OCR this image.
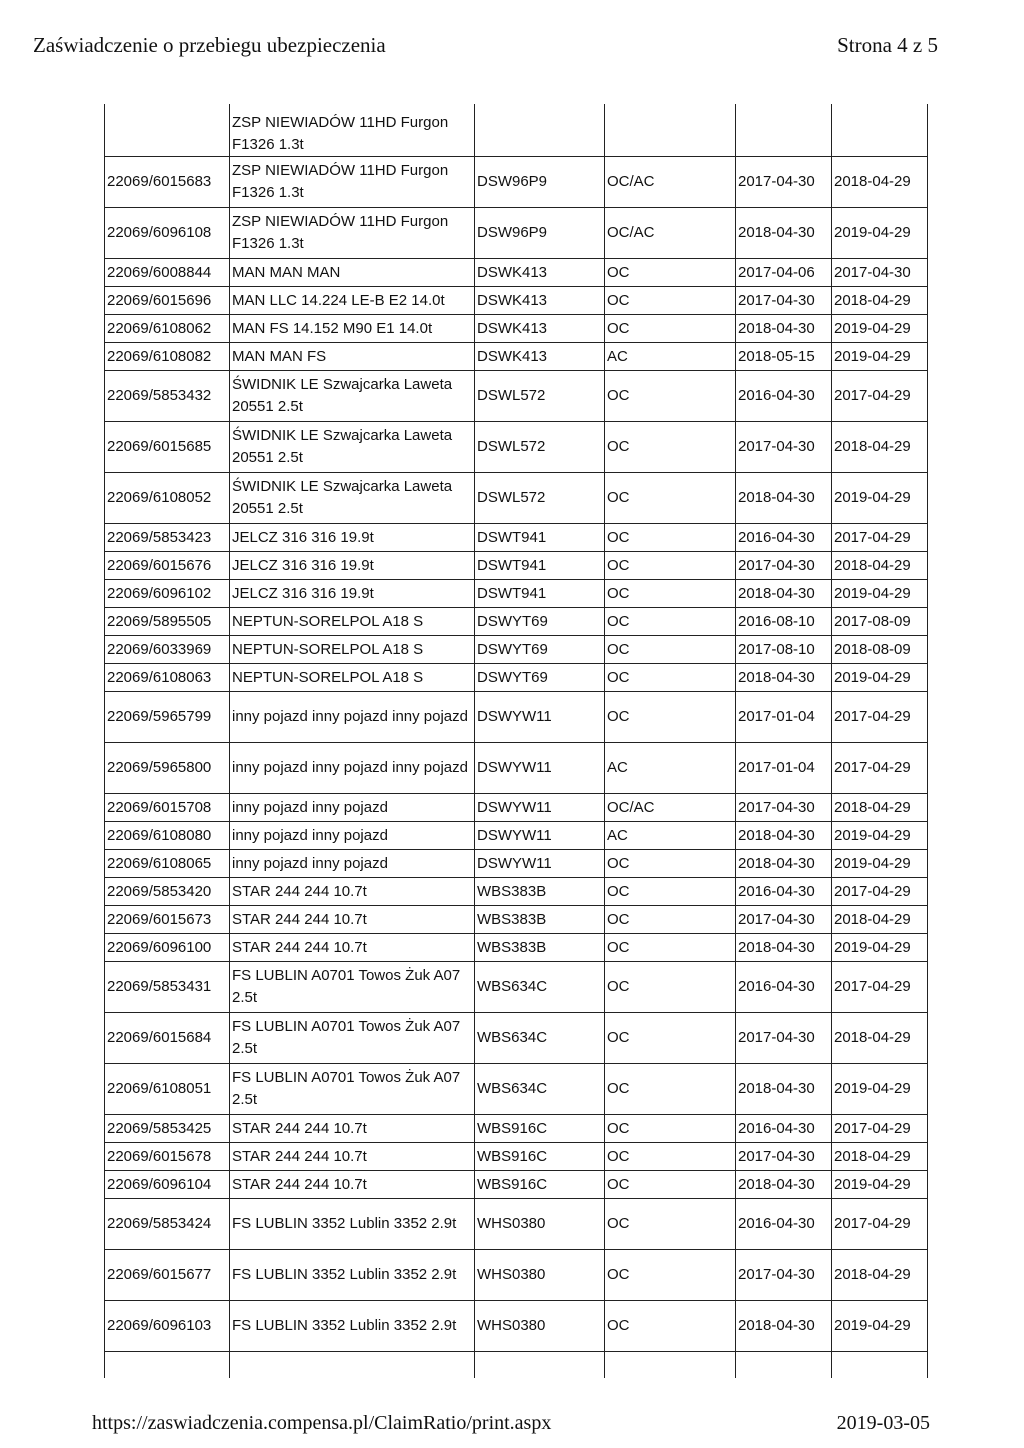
Zaświadczenie o przebiegu ubezpieczenia	Strona 4 z 5
	ZSP NIEWIADÓW 11HD Furgon F1326 1.3t				
22069/6015683	ZSP NIEWIADÓW 11HD Furgon F1326 1.3t	DSW96P9	OC/AC	2017-04-30	2018-04-29
22069/6096108	ZSP NIEWIADÓW 11HD Furgon F1326 1.3t	DSW96P9	OC/AC	2018-04-30	2019-04-29
22069/6008844	MAN MAN MAN	DSWK413	OC	2017-04-06	2017-04-30
22069/6015696	MAN LLC 14.224 LE-B E2 14.0t	DSWK413	OC	2017-04-30	2018-04-29
22069/6108062	MAN FS 14.152 M90 E1 14.0t	DSWK413	OC	2018-04-30	2019-04-29
22069/6108082	MAN MAN FS	DSWK413	AC	2018-05-15	2019-04-29
22069/5853432	ŚWIDNIK LE Szwajcarka Laweta 20551 2.5t	DSWL572	OC	2016-04-30	2017-04-29
22069/6015685	ŚWIDNIK LE Szwajcarka Laweta 20551 2.5t	DSWL572	OC	2017-04-30	2018-04-29
22069/6108052	ŚWIDNIK LE Szwajcarka Laweta 20551 2.5t	DSWL572	OC	2018-04-30	2019-04-29
22069/5853423	JELCZ 316 316 19.9t	DSWT941	OC	2016-04-30	2017-04-29
22069/6015676	JELCZ 316 316 19.9t	DSWT941	OC	2017-04-30	2018-04-29
22069/6096102	JELCZ 316 316 19.9t	DSWT941	OC	2018-04-30	2019-04-29
22069/5895505	NEPTUN-SORELPOL A18 S	DSWYT69	OC	2016-08-10	2017-08-09
22069/6033969	NEPTUN-SORELPOL A18 S	DSWYT69	OC	2017-08-10	2018-08-09
22069/6108063	NEPTUN-SORELPOL A18 S	DSWYT69	OC	2018-04-30	2019-04-29
22069/5965799	inny pojazd inny pojazd inny pojazd	DSWYW11	OC	2017-01-04	2017-04-29
22069/5965800	inny pojazd inny pojazd inny pojazd	DSWYW11	AC	2017-01-04	2017-04-29
22069/6015708	inny pojazd inny pojazd	DSWYW11	OC/AC	2017-04-30	2018-04-29
22069/6108080	inny pojazd inny pojazd	DSWYW11	AC	2018-04-30	2019-04-29
22069/6108065	inny pojazd inny pojazd	DSWYW11	OC	2018-04-30	2019-04-29
22069/5853420	STAR 244 244 10.7t	WBS383B	OC	2016-04-30	2017-04-29
22069/6015673	STAR 244 244 10.7t	WBS383B	OC	2017-04-30	2018-04-29
22069/6096100	STAR 244 244 10.7t	WBS383B	OC	2018-04-30	2019-04-29
22069/5853431	FS LUBLIN A0701 Towos Żuk A07 2.5t	WBS634C	OC	2016-04-30	2017-04-29
22069/6015684	FS LUBLIN A0701 Towos Żuk A07 2.5t	WBS634C	OC	2017-04-30	2018-04-29
22069/6108051	FS LUBLIN A0701 Towos Żuk A07 2.5t	WBS634C	OC	2018-04-30	2019-04-29
22069/5853425	STAR 244 244 10.7t	WBS916C	OC	2016-04-30	2017-04-29
22069/6015678	STAR 244 244 10.7t	WBS916C	OC	2017-04-30	2018-04-29
22069/6096104	STAR 244 244 10.7t	WBS916C	OC	2018-04-30	2019-04-29
22069/5853424	FS LUBLIN 3352 Lublin 3352 2.9t	WHS0380	OC	2016-04-30	2017-04-29
22069/6015677	FS LUBLIN 3352 Lublin 3352 2.9t	WHS0380	OC	2017-04-30	2018-04-29
22069/6096103	FS LUBLIN 3352 Lublin 3352 2.9t	WHS0380	OC	2018-04-30	2019-04-29

https://zaswiadczenia.compensa.pl/ClaimRatio/print.aspx	2019-03-05
